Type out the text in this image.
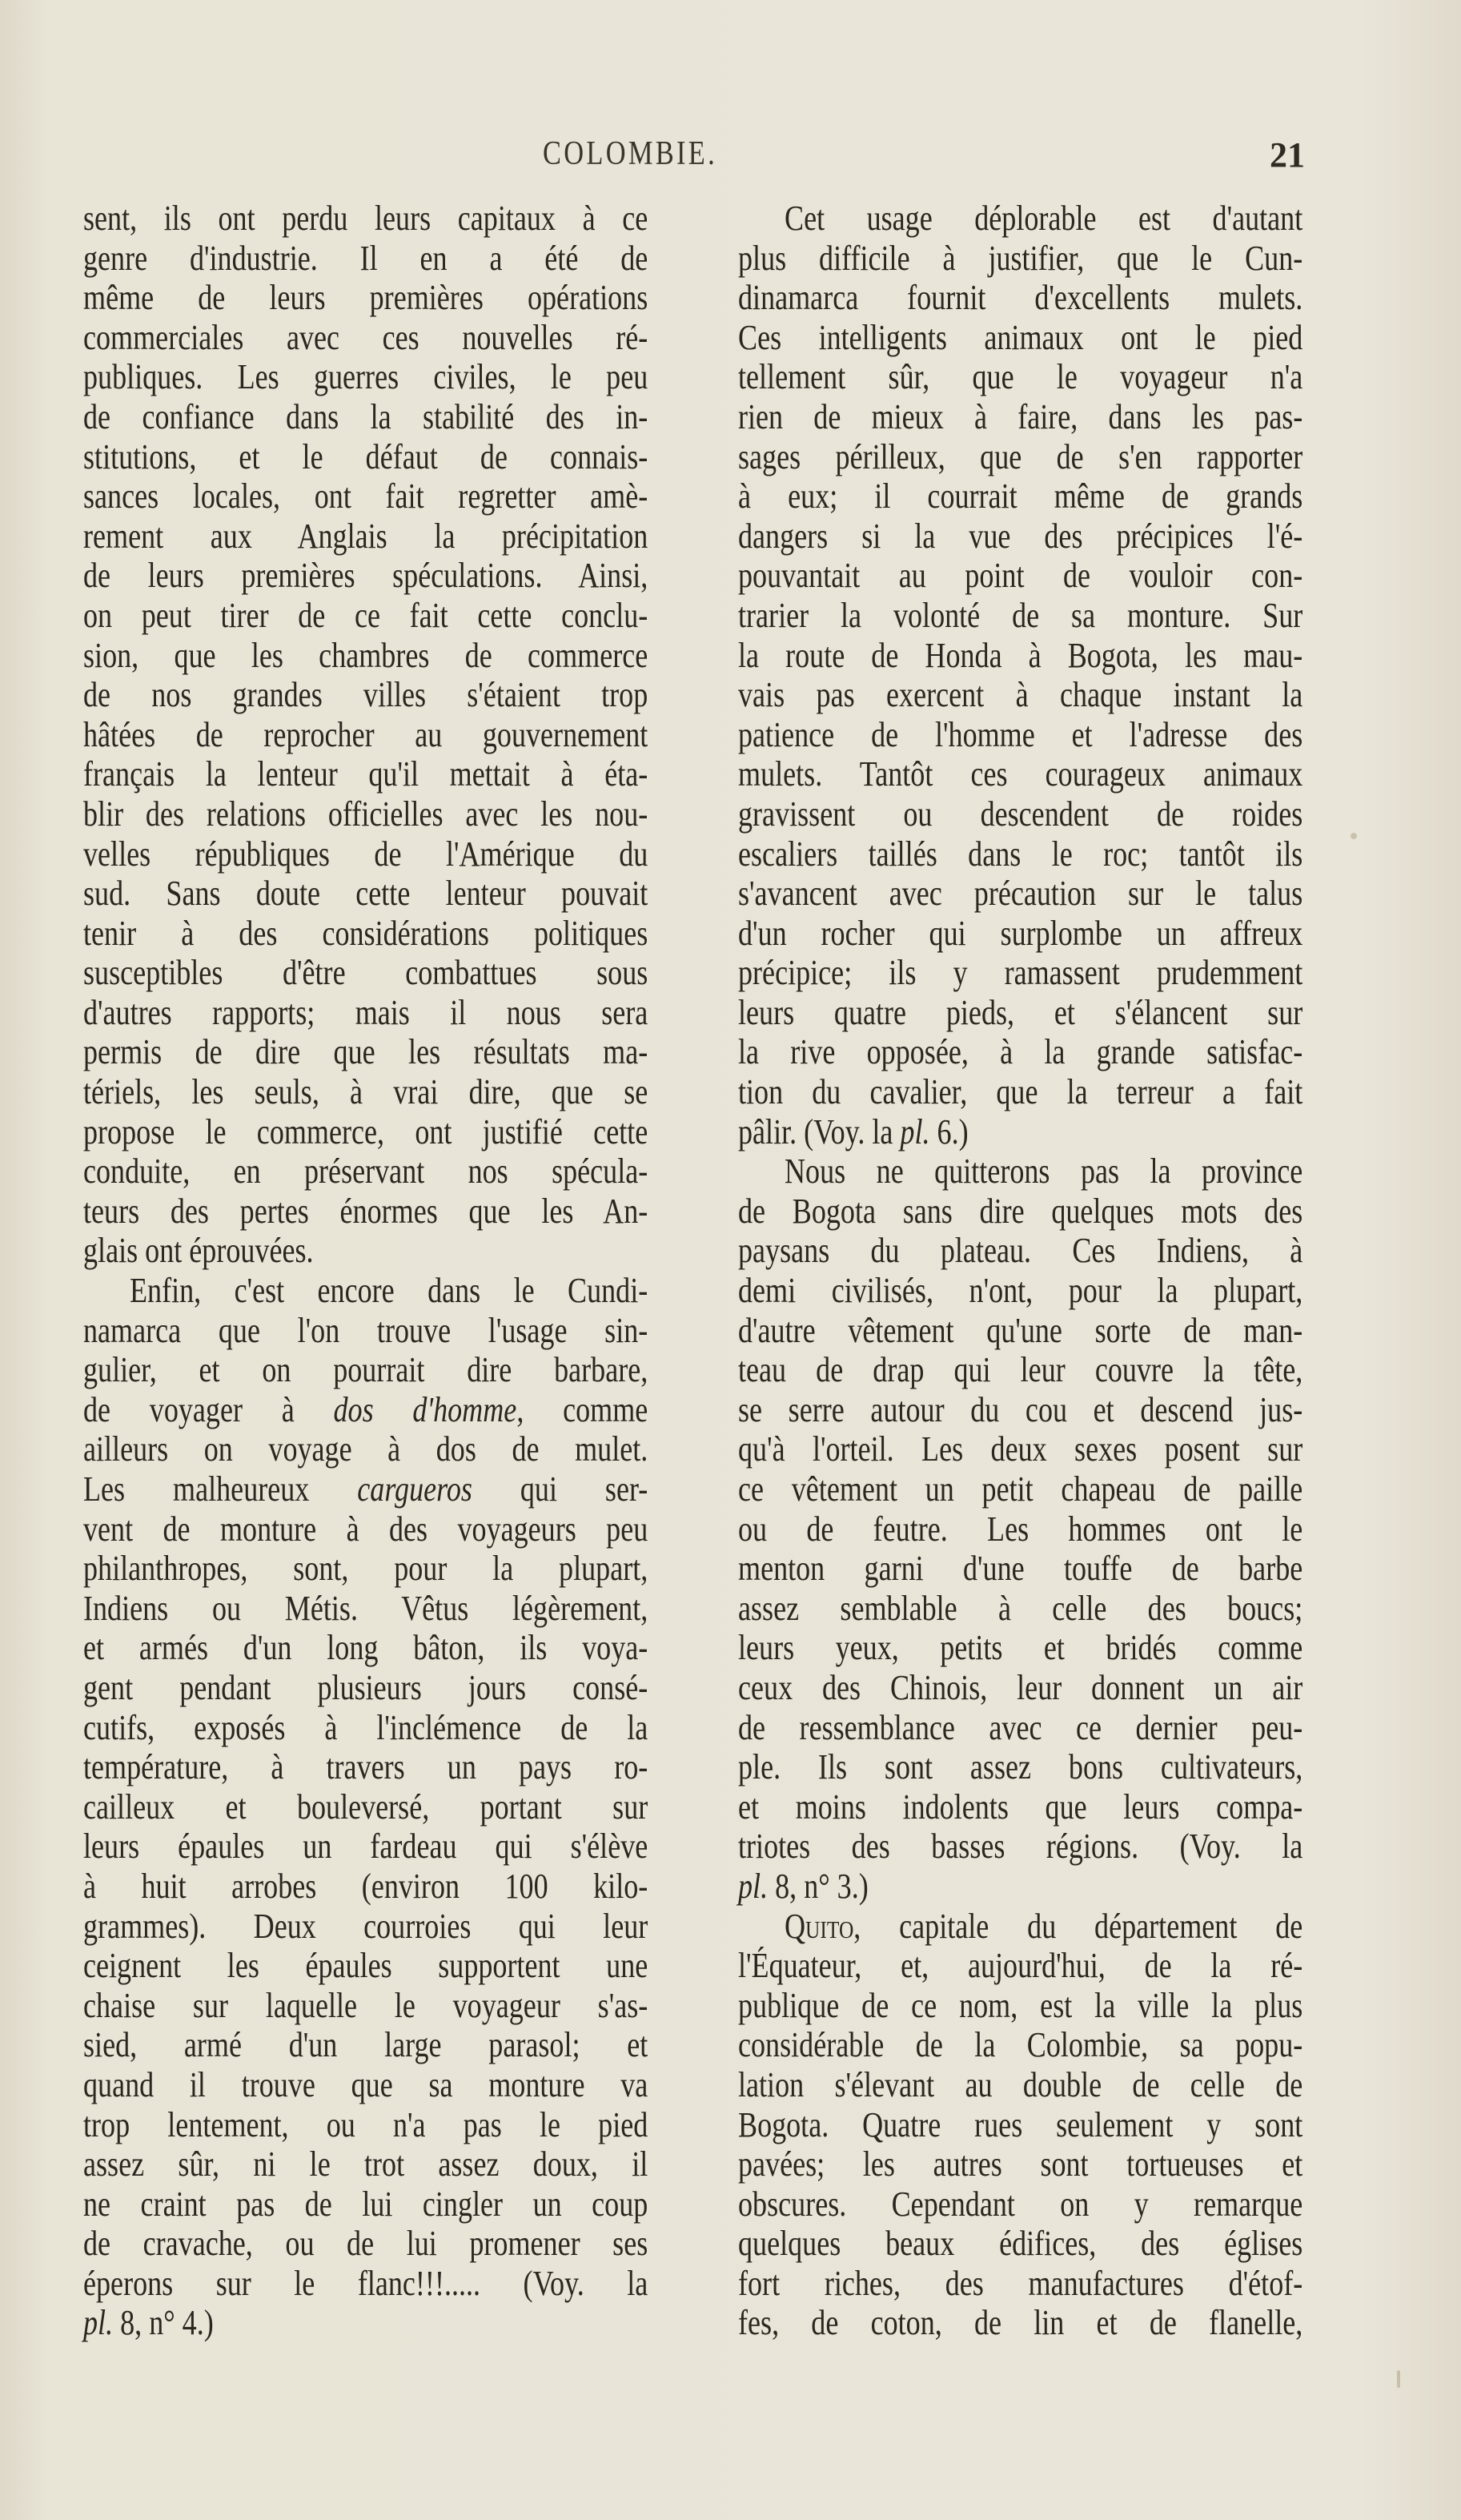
COLOMBIE.	21
sent, ils ont perdu leurs capitaux à ce
genre d'industrie. Il en a été de
même de leurs premières opérations
commerciales avec ces nouvelles ré-
publiques. Les guerres civiles, le peu
de confiance dans la stabilité des in-
stitutions, et le défaut de connais-
sances locales, ont fait regretter amè-
rement aux Anglais la précipitation
de leurs premières spéculations. Ainsi,
on peut tirer de ce fait cette conclu-
sion, que les chambres de commerce
de nos grandes villes s'étaient trop
hâtées de reprocher au gouvernement
français la lenteur qu'il mettait à éta-
blir des relations officielles avec les nou-
velles républiques de l'Amérique du
sud. Sans doute cette lenteur pouvait
tenir à des considérations politiques
susceptibles d'être combattues sous
d'autres rapports; mais il nous sera
permis de dire que les résultats ma-
tériels, les seuls, à vrai dire, que se
propose le commerce, ont justifié cette
conduite, en préservant nos spécula-
teurs des pertes énormes que les An-
glais ont éprouvées.
Enfin, c'est encore dans le Cundi-
namarca que l'on trouve l'usage sin-
gulier, et on pourrait dire barbare,
de voyager à dos d'homme, comme
ailleurs on voyage à dos de mulet.
Les malheureux cargueros qui ser-
vent de monture à des voyageurs peu
philanthropes, sont, pour la plupart,
Indiens ou Métis. Vêtus légèrement,
et armés d'un long bâton, ils voya-
gent pendant plusieurs jours consé-
cutifs, exposés à l'inclémence de la
température, à travers un pays ro-
cailleux et bouleversé, portant sur
leurs épaules un fardeau qui s'élève
à huit arrobes (environ 100 kilo-
grammes). Deux courroies qui leur
ceignent les épaules supportent une
chaise sur laquelle le voyageur s'as-
sied, armé d'un large parasol; et
quand il trouve que sa monture va
trop lentement, ou n'a pas le pied
assez sûr, ni le trot assez doux, il
ne craint pas de lui cingler un coup
de cravache, ou de lui promener ses
éperons sur le flanc!!!..... (Voy. la
pl. 8, n° 4.)
Cet usage déplorable est d'autant
plus difficile à justifier, que le Cun-
dinamarca fournit d'excellents mulets.
Ces intelligents animaux ont le pied
tellement sûr, que le voyageur n'a
rien de mieux à faire, dans les pas-
sages périlleux, que de s'en rapporter
à eux; il courrait même de grands
dangers si la vue des précipices l'é-
pouvantait au point de vouloir con-
trarier la volonté de sa monture. Sur
la route de Honda à Bogota, les mau-
vais pas exercent à chaque instant la
patience de l'homme et l'adresse des
mulets. Tantôt ces courageux animaux
gravissent ou descendent de roides
escaliers taillés dans le roc; tantôt ils
s'avancent avec précaution sur le talus
d'un rocher qui surplombe un affreux
précipice; ils y ramassent prudemment
leurs quatre pieds, et s'élancent sur
la rive opposée, à la grande satisfac-
tion du cavalier, que la terreur a fait
pâlir. (Voy. la pl. 6.)
Nous ne quitterons pas la province
de Bogota sans dire quelques mots des
paysans du plateau. Ces Indiens, à
demi civilisés, n'ont, pour la plupart,
d'autre vêtement qu'une sorte de man-
teau de drap qui leur couvre la tête,
se serre autour du cou et descend jus-
qu'à l'orteil. Les deux sexes posent sur
ce vêtement un petit chapeau de paille
ou de feutre. Les hommes ont le
menton garni d'une touffe de barbe
assez semblable à celle des boucs;
leurs yeux, petits et bridés comme
ceux des Chinois, leur donnent un air
de ressemblance avec ce dernier peu-
ple. Ils sont assez bons cultivateurs,
et moins indolents que leurs compa-
triotes des basses régions. (Voy. la
pl. 8, n° 3.)
Quito, capitale du département de
l'Équateur, et, aujourd'hui, de la ré-
publique de ce nom, est la ville la plus
considérable de la Colombie, sa popu-
lation s'élevant au double de celle de
Bogota. Quatre rues seulement y sont
pavées; les autres sont tortueuses et
obscures. Cependant on y remarque
quelques beaux édifices, des églises
fort riches, des manufactures d'étof-
fes, de coton, de lin et de flanelle,
